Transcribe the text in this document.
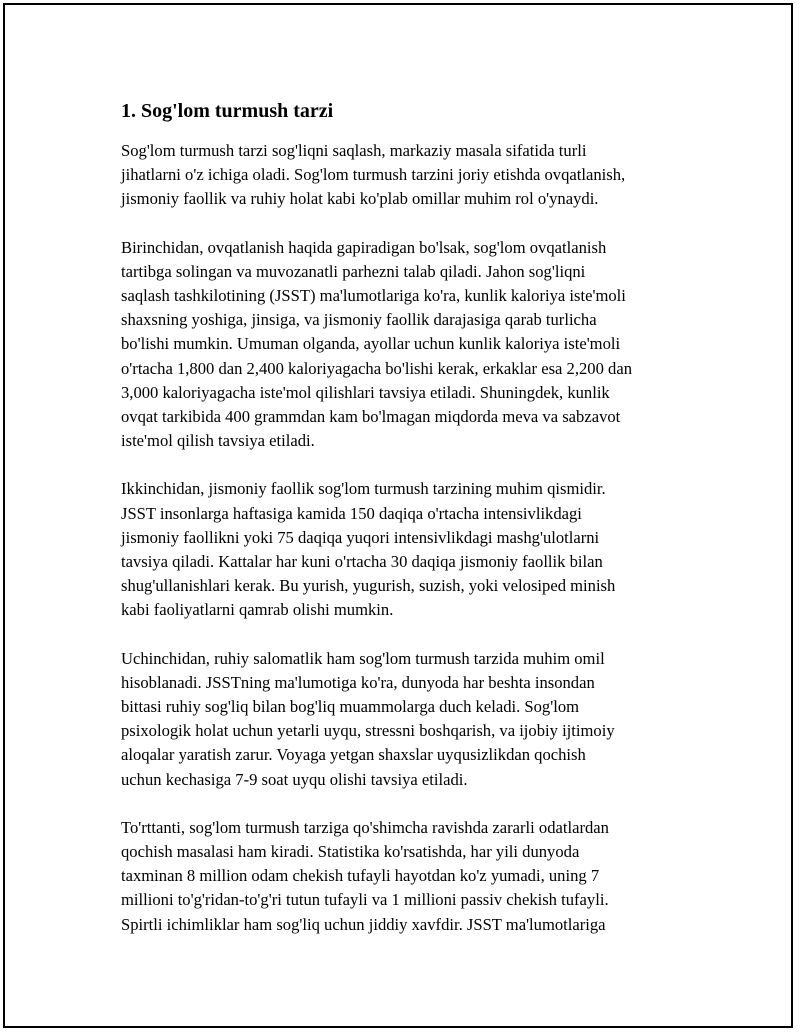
1. Sog'lom turmush tarzi

Sog'lom turmush tarzi sog'liqni saqlash, markaziy masala sifatida turli
jihatlarni o'z ichiga oladi. Sog'lom turmush tarzini joriy etishda ovqatlanish,
jismoniy faollik va ruhiy holat kabi ko'plab omillar muhim rol o'ynaydi.

Birinchidan, ovqatlanish haqida gapiradigan bo'lsak, sog'lom ovqatlanish
tartibga solingan va muvozanatli parhezni talab qiladi. Jahon sog'liqni
saqlash tashkilotining (JSST) ma'lumotlariga ko'ra, kunlik kaloriya iste'moli
shaxsning yoshiga, jinsiga, va jismoniy faollik darajasiga qarab turlicha
bo'lishi mumkin. Umuman olganda, ayollar uchun kunlik kaloriya iste'moli
o'rtacha 1,800 dan 2,400 kaloriyagacha bo'lishi kerak, erkaklar esa 2,200 dan
3,000 kaloriyagacha iste'mol qilishlari tavsiya etiladi. Shuningdek, kunlik
ovqat tarkibida 400 grammdan kam bo'lmagan miqdorda meva va sabzavot
iste'mol qilish tavsiya etiladi.

Ikkinchidan, jismoniy faollik sog'lom turmush tarzining muhim qismidir.
JSST insonlarga haftasiga kamida 150 daqiqa o'rtacha intensivlikdagi
jismoniy faollikni yoki 75 daqiqa yuqori intensivlikdagi mashg'ulotlarni
tavsiya qiladi. Kattalar har kuni o'rtacha 30 daqiqa jismoniy faollik bilan
shug'ullanishlari kerak. Bu yurish, yugurish, suzish, yoki velosiped minish
kabi faoliyatlarni qamrab olishi mumkin.

Uchinchidan, ruhiy salomatlik ham sog'lom turmush tarzida muhim omil
hisoblanadi. JSSTning ma'lumotiga ko'ra, dunyoda har beshta insondan
bittasi ruhiy sog'liq bilan bog'liq muammolarga duch keladi. Sog'lom
psixologik holat uchun yetarli uyqu, stressni boshqarish, va ijobiy ijtimoiy
aloqalar yaratish zarur. Voyaga yetgan shaxslar uyqusizlikdan qochish
uchun kechasiga 7-9 soat uyqu olishi tavsiya etiladi.

To'rttanti, sog'lom turmush tarziga qo'shimcha ravishda zararli odatlardan
qochish masalasi ham kiradi. Statistika ko'rsatishda, har yili dunyoda
taxminan 8 million odam chekish tufayli hayotdan ko'z yumadi, uning 7
millioni to'g'ridan-to'g'ri tutun tufayli va 1 millioni passiv chekish tufayli.
Spirtli ichimliklar ham sog'liq uchun jiddiy xavfdir. JSST ma'lumotlariga
